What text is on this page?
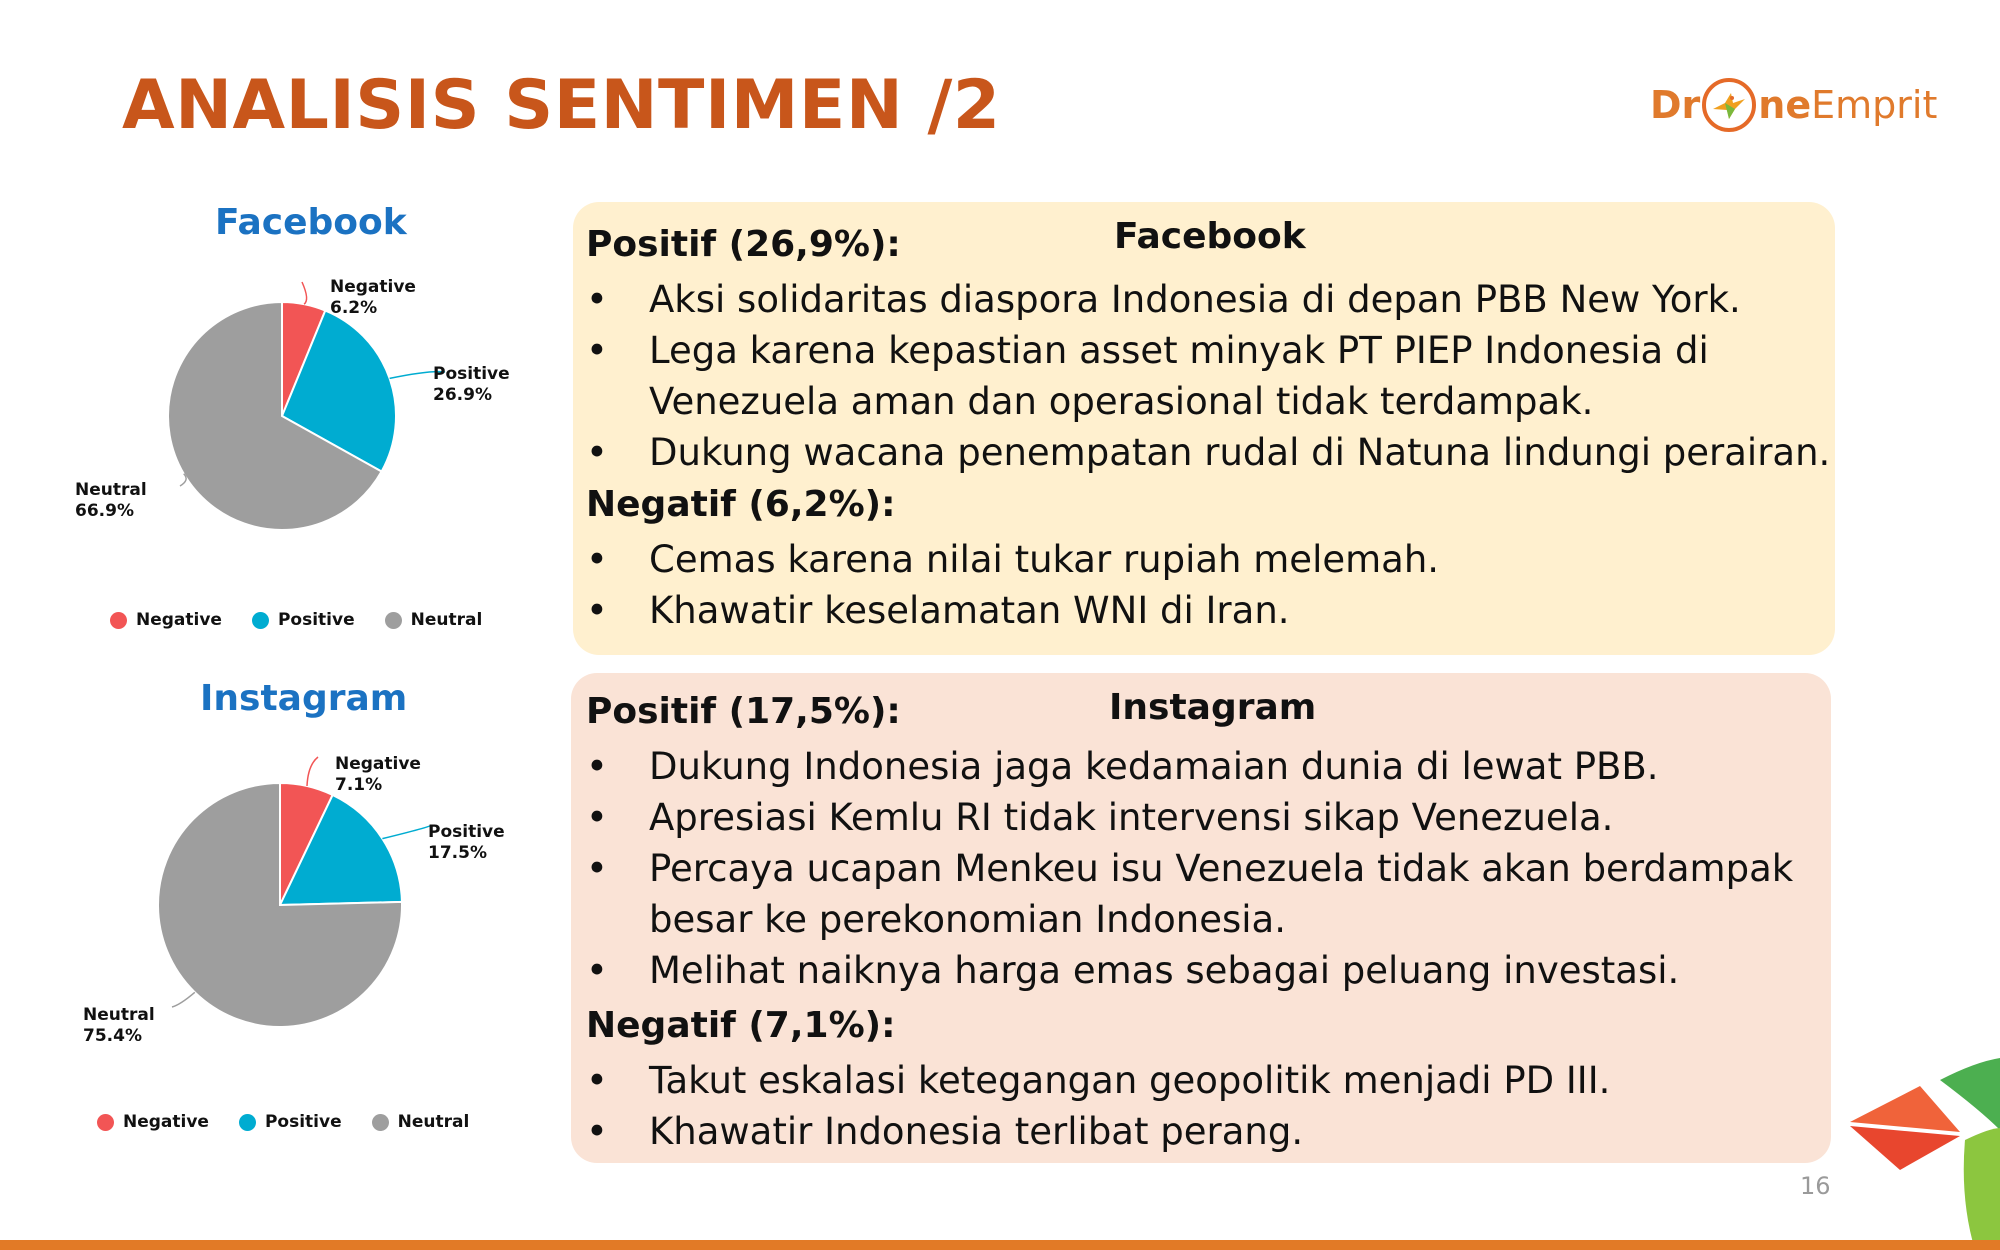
ANALISIS SENTIMEN /2	Dr ne Emprit
Facebook
Negative
6.2%
Positive
26.9%
Neutral
66.9%
Negative	Positive	Neutral
Instagram
Negative
7.1%
Positive
17.5%
Neutral
75.4%
Negative	Positive	Neutral
Facebook
Positif (26,9%):
• Aksi solidaritas diaspora Indonesia di depan PBB New York.
• Lega karena kepastian asset minyak PT PIEP Indonesia di Venezuela aman dan operasional tidak terdampak.
• Dukung wacana penempatan rudal di Natuna lindungi perairan.
Negatif (6,2%):
• Cemas karena nilai tukar rupiah melemah.
• Khawatir keselamatan WNI di Iran.
Instagram
Positif (17,5%):
• Dukung Indonesia jaga kedamaian dunia di lewat PBB.
• Apresiasi Kemlu RI tidak intervensi sikap Venezuela.
• Percaya ucapan Menkeu isu Venezuela tidak akan berdampak besar ke perekonomian Indonesia.
• Melihat naiknya harga emas sebagai peluang investasi.
Negatif (7,1%):
• Takut eskalasi ketegangan geopolitik menjadi PD III.
• Khawatir Indonesia terlibat perang.
16
